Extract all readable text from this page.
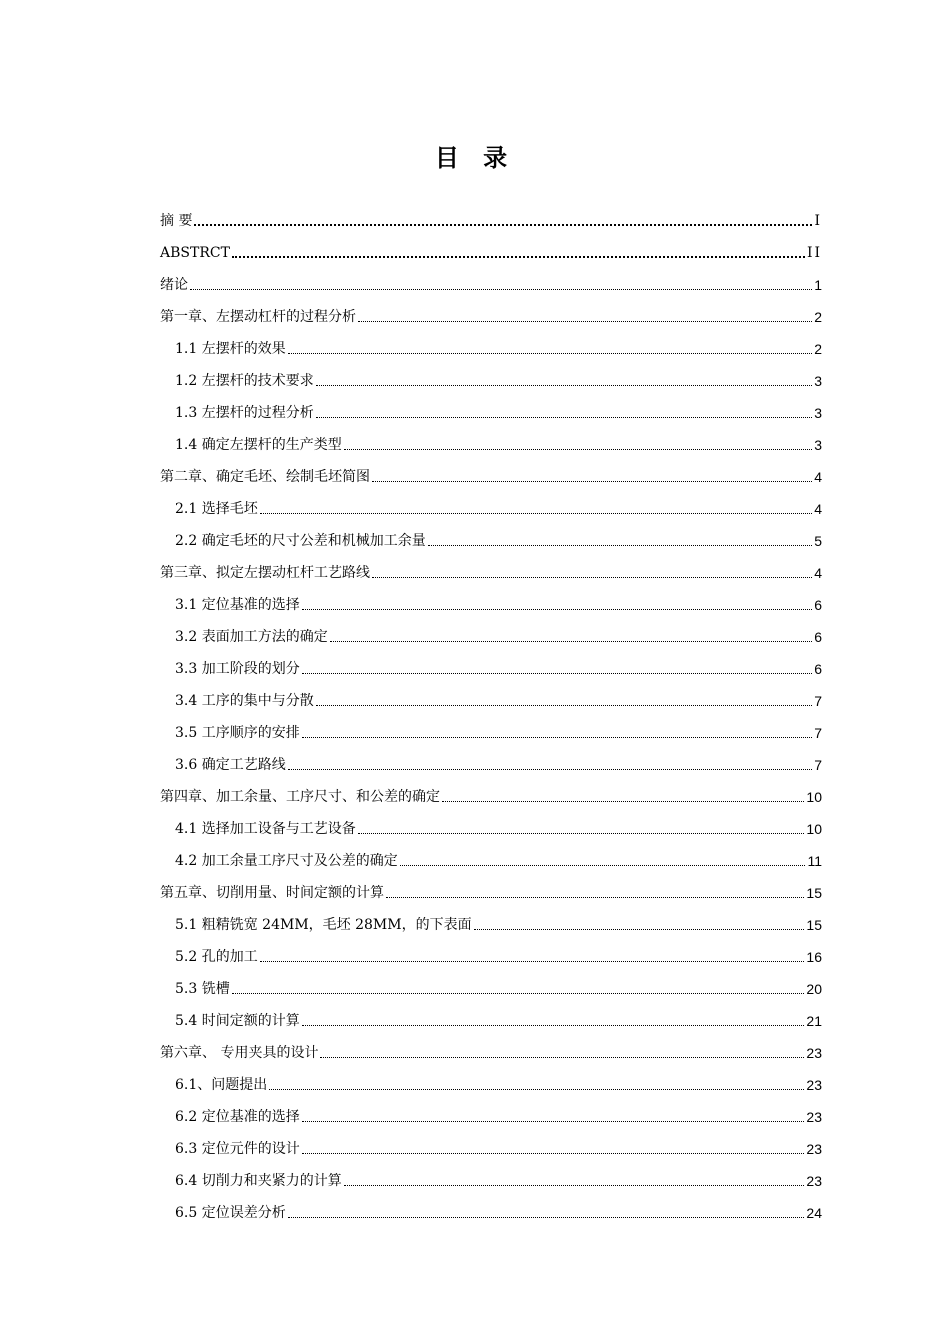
目 录
摘 要	I
ABSTRCT	II
绪论	1
第一章、左摆动杠杆的过程分析	2
1.1 左摆杆的效果	2
1.2 左摆杆的技术要求	3
1.3 左摆杆的过程分析	3
1.4 确定左摆杆的生产类型	3
第二章、确定毛坯、绘制毛坯简图	4
2.1 选择毛坯	4
2.2 确定毛坯的尺寸公差和机械加工余量	5
第三章、拟定左摆动杠杆工艺路线	4
3.1 定位基准的选择	6
3.2 表面加工方法的确定	6
3.3 加工阶段的划分	6
3.4 工序的集中与分散	7
3.5 工序顺序的安排	7
3.6 确定工艺路线	7
第四章、加工余量、工序尺寸、和公差的确定	10
4.1 选择加工设备与工艺设备	10
4.2 加工余量工序尺寸及公差的确定	11
第五章、切削用量、时间定额的计算	15
5.1 粗精铣宽 24MM，毛坯 28MM，的下表面	15
5.2 孔的加工	16
5.3 铣槽	20
5.4 时间定额的计算	21
第六章、 专用夹具的设计	23
6.1、问题提出	23
6.2 定位基准的选择	23
6.3 定位元件的设计	23
6.4 切削力和夹紧力的计算	23
6.5 定位误差分析	24
